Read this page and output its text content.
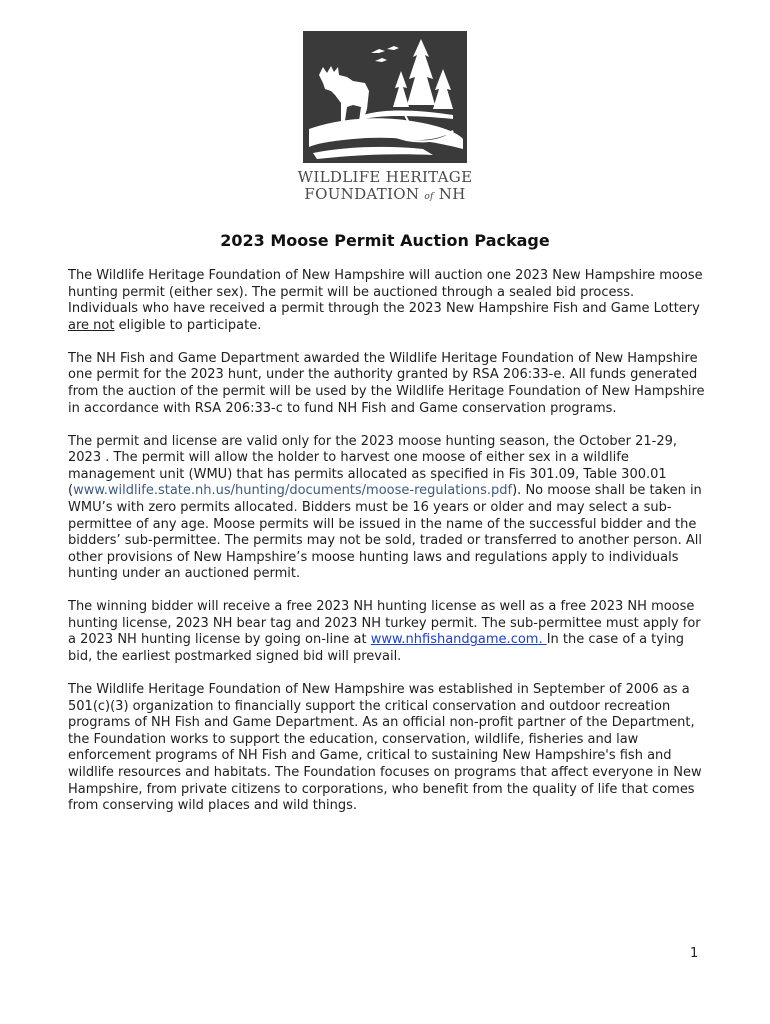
WILDLIFE HERITAGE
FOUNDATION of NH
2023 Moose Permit Auction Package

The Wildlife Heritage Foundation of New Hampshire will auction one 2023 New Hampshire moose hunting permit (either sex). The permit will be auctioned through a sealed bid process. Individuals who have received a permit through the 2023 New Hampshire Fish and Game Lottery are not eligible to participate.

The NH Fish and Game Department awarded the Wildlife Heritage Foundation of New Hampshire one permit for the 2023 hunt, under the authority granted by RSA 206:33-e. All funds generated from the auction of the permit will be used by the Wildlife Heritage Foundation of New Hampshire in accordance with RSA 206:33-c to fund NH Fish and Game conservation programs.

The permit and license are valid only for the 2023 moose hunting season, the October 21-29, 2023 . The permit will allow the holder to harvest one moose of either sex in a wildlife management unit (WMU) that has permits allocated as specified in Fis 301.09, Table 300.01 (www.wildlife.state.nh.us/hunting/documents/moose-regulations.pdf). No moose shall be taken in WMU’s with zero permits allocated. Bidders must be 16 years or older and may select a sub-permittee of any age. Moose permits will be issued in the name of the successful bidder and the bidders’ sub-permittee. The permits may not be sold, traded or transferred to another person. All other provisions of New Hampshire’s moose hunting laws and regulations apply to individuals hunting under an auctioned permit.

The winning bidder will receive a free 2023 NH hunting license as well as a free 2023 NH moose hunting license, 2023 NH bear tag and 2023 NH turkey permit. The sub-permittee must apply for a 2023 NH hunting license by going on-line at www.nhfishandgame.com. In the case of a tying bid, the earliest postmarked signed bid will prevail.

The Wildlife Heritage Foundation of New Hampshire was established in September of 2006 as a 501(c)(3) organization to financially support the critical conservation and outdoor recreation programs of NH Fish and Game Department. As an official non-profit partner of the Department, the Foundation works to support the education, conservation, wildlife, fisheries and law enforcement programs of NH Fish and Game, critical to sustaining New Hampshire's fish and wildlife resources and habitats. The Foundation focuses on programs that affect everyone in New Hampshire, from private citizens to corporations, who benefit from the quality of life that comes from conserving wild places and wild things.

1
